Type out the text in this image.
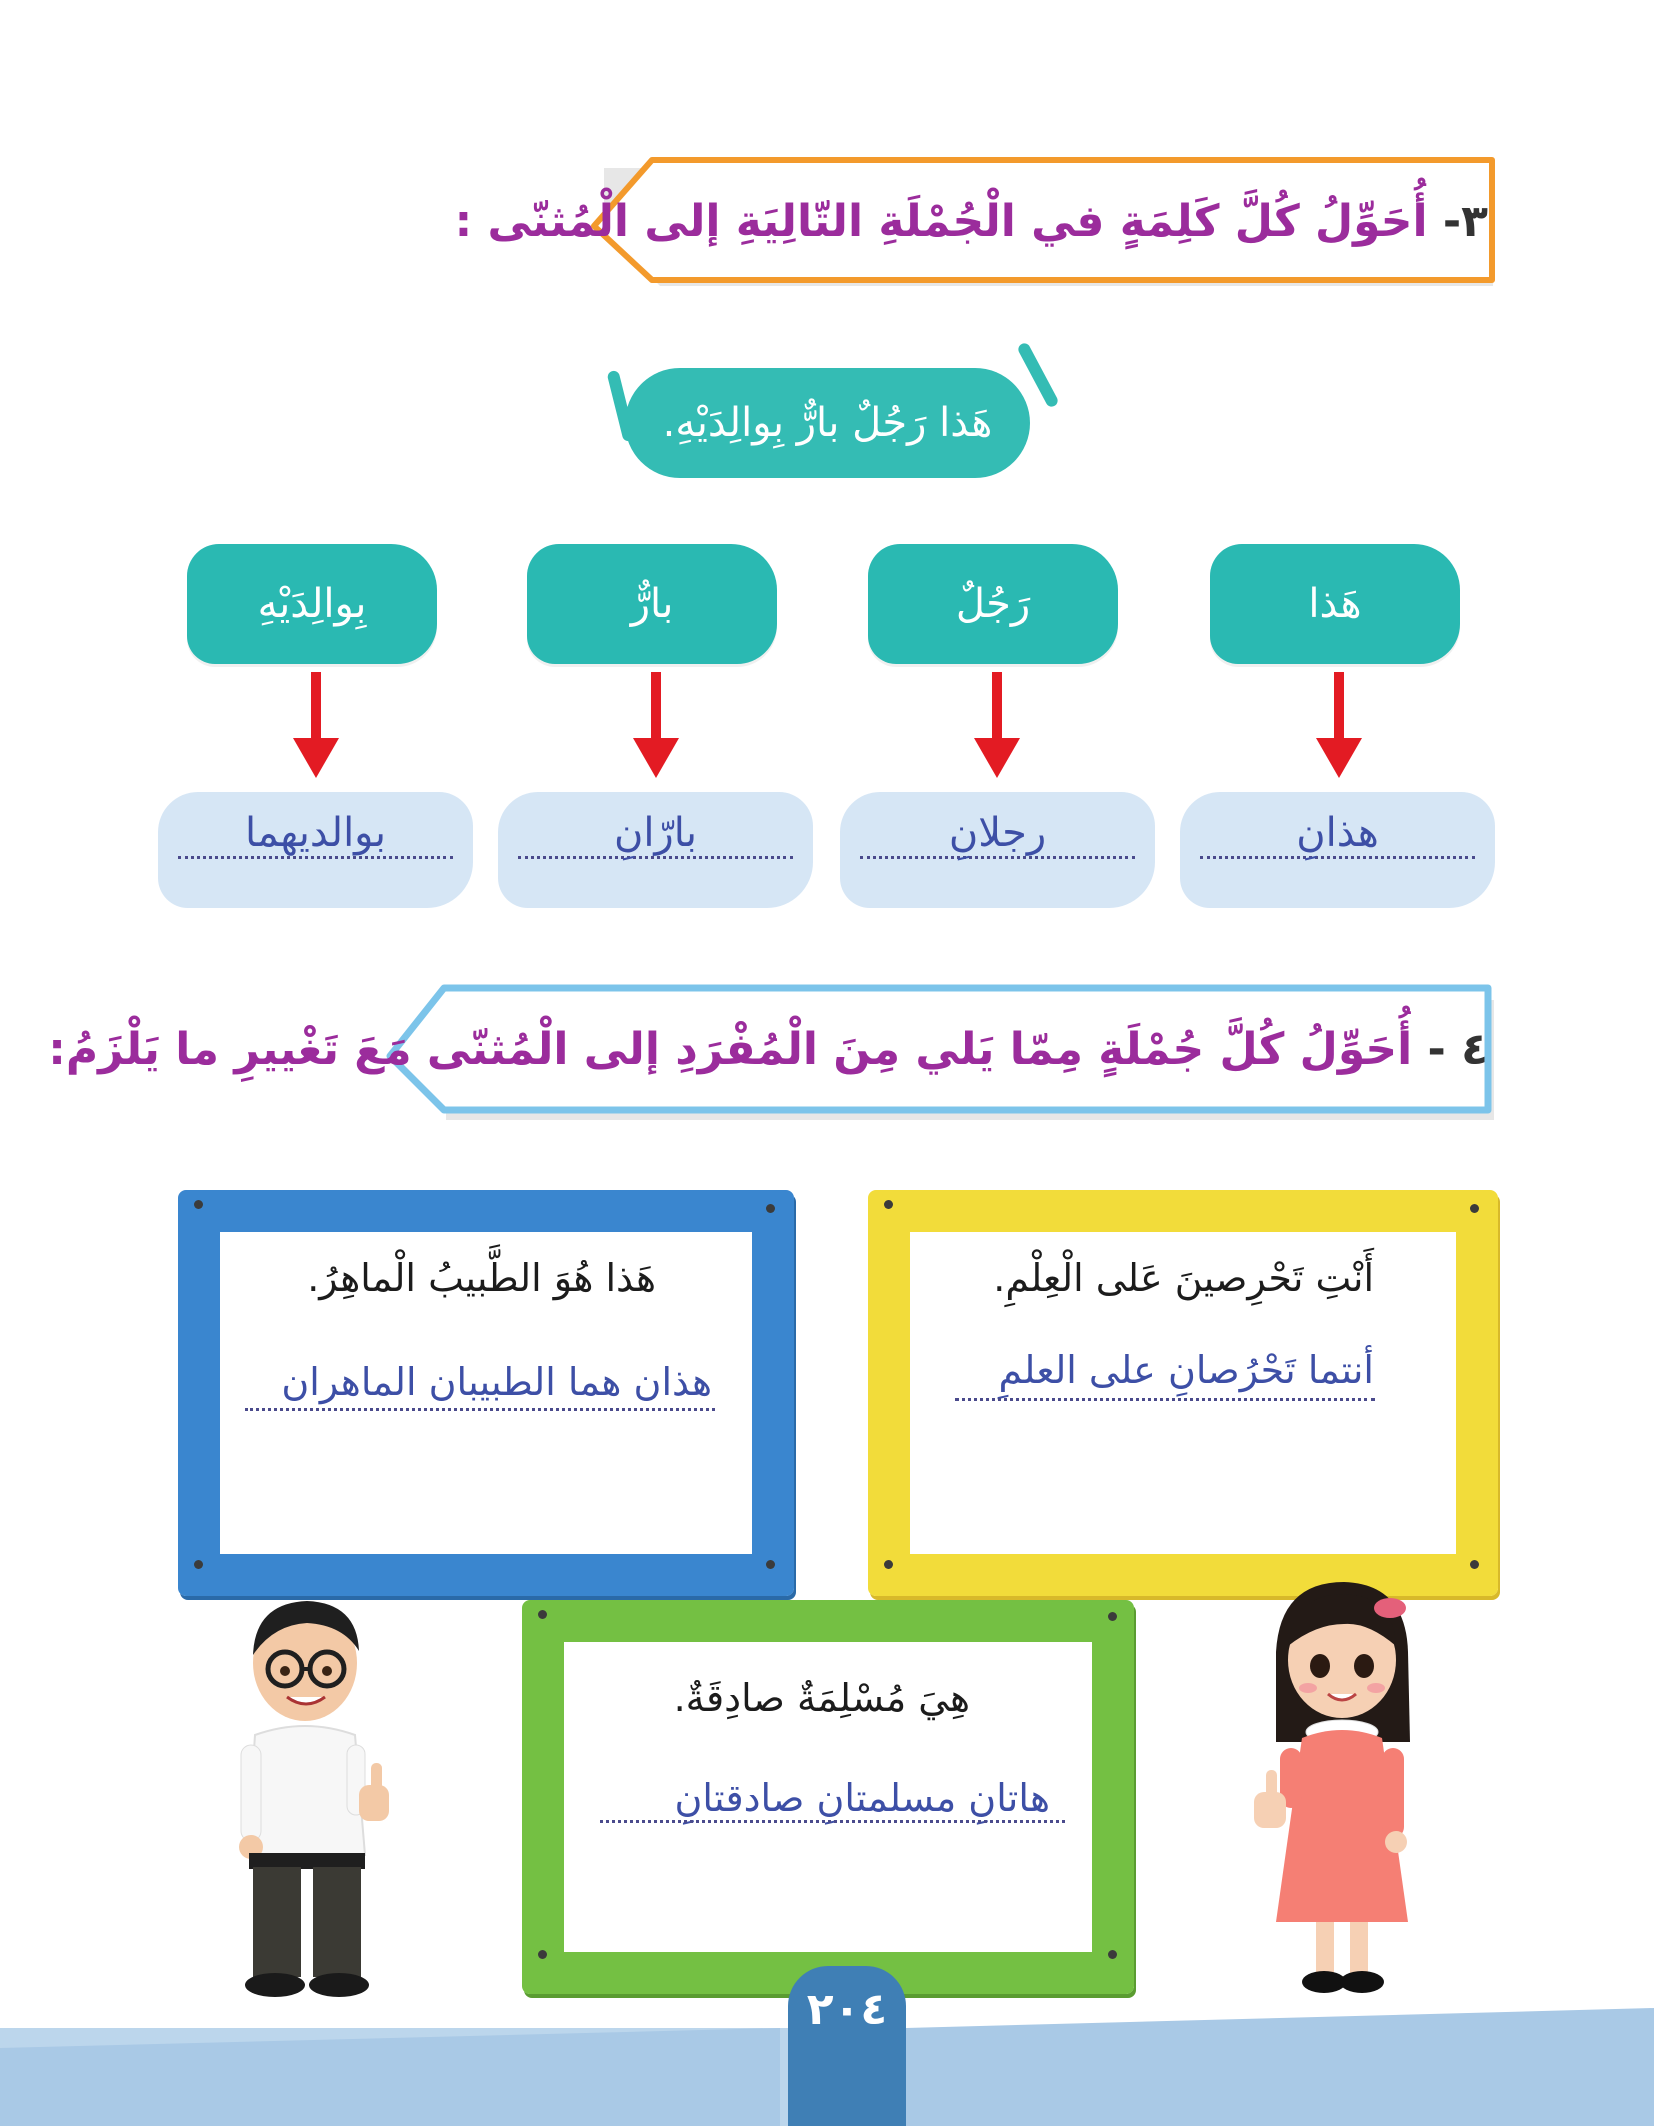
٣- أُحَوِّلُ كُلَّ كَلِمَةٍ في الْجُمْلَةِ التّالِيَةِ إلى الْمُثنّى :
هَذا رَجُلٌ بارٌّ بِوالِدَيْهِ.
هَذا
رَجُلٌ
بارٌّ
بِوالِدَيْهِ
هذانِ
رجلانِ
بارّانِ
بوالديهما
٤ - أُحَوِّلُ كُلَّ جُمْلَةٍ مِمّا يَلي مِنَ الْمُفْرَدِ إلى الْمُثنّى مَعَ تَغْييرِ ما يَلْزَمُ:
أَنْتِ تَحْرِصينَ عَلى الْعِلْمِ.
أنتما تَحْرُصانِ على العلمِ
هَذا هُوَ الطَّبيبُ الْماهِرُ.
هذان هما الطبيبان الماهران
هِيَ مُسْلِمَةٌ صادِقَةٌ.
هاتانِ مسلمتانِ صادقتانِ
٢٠٤
